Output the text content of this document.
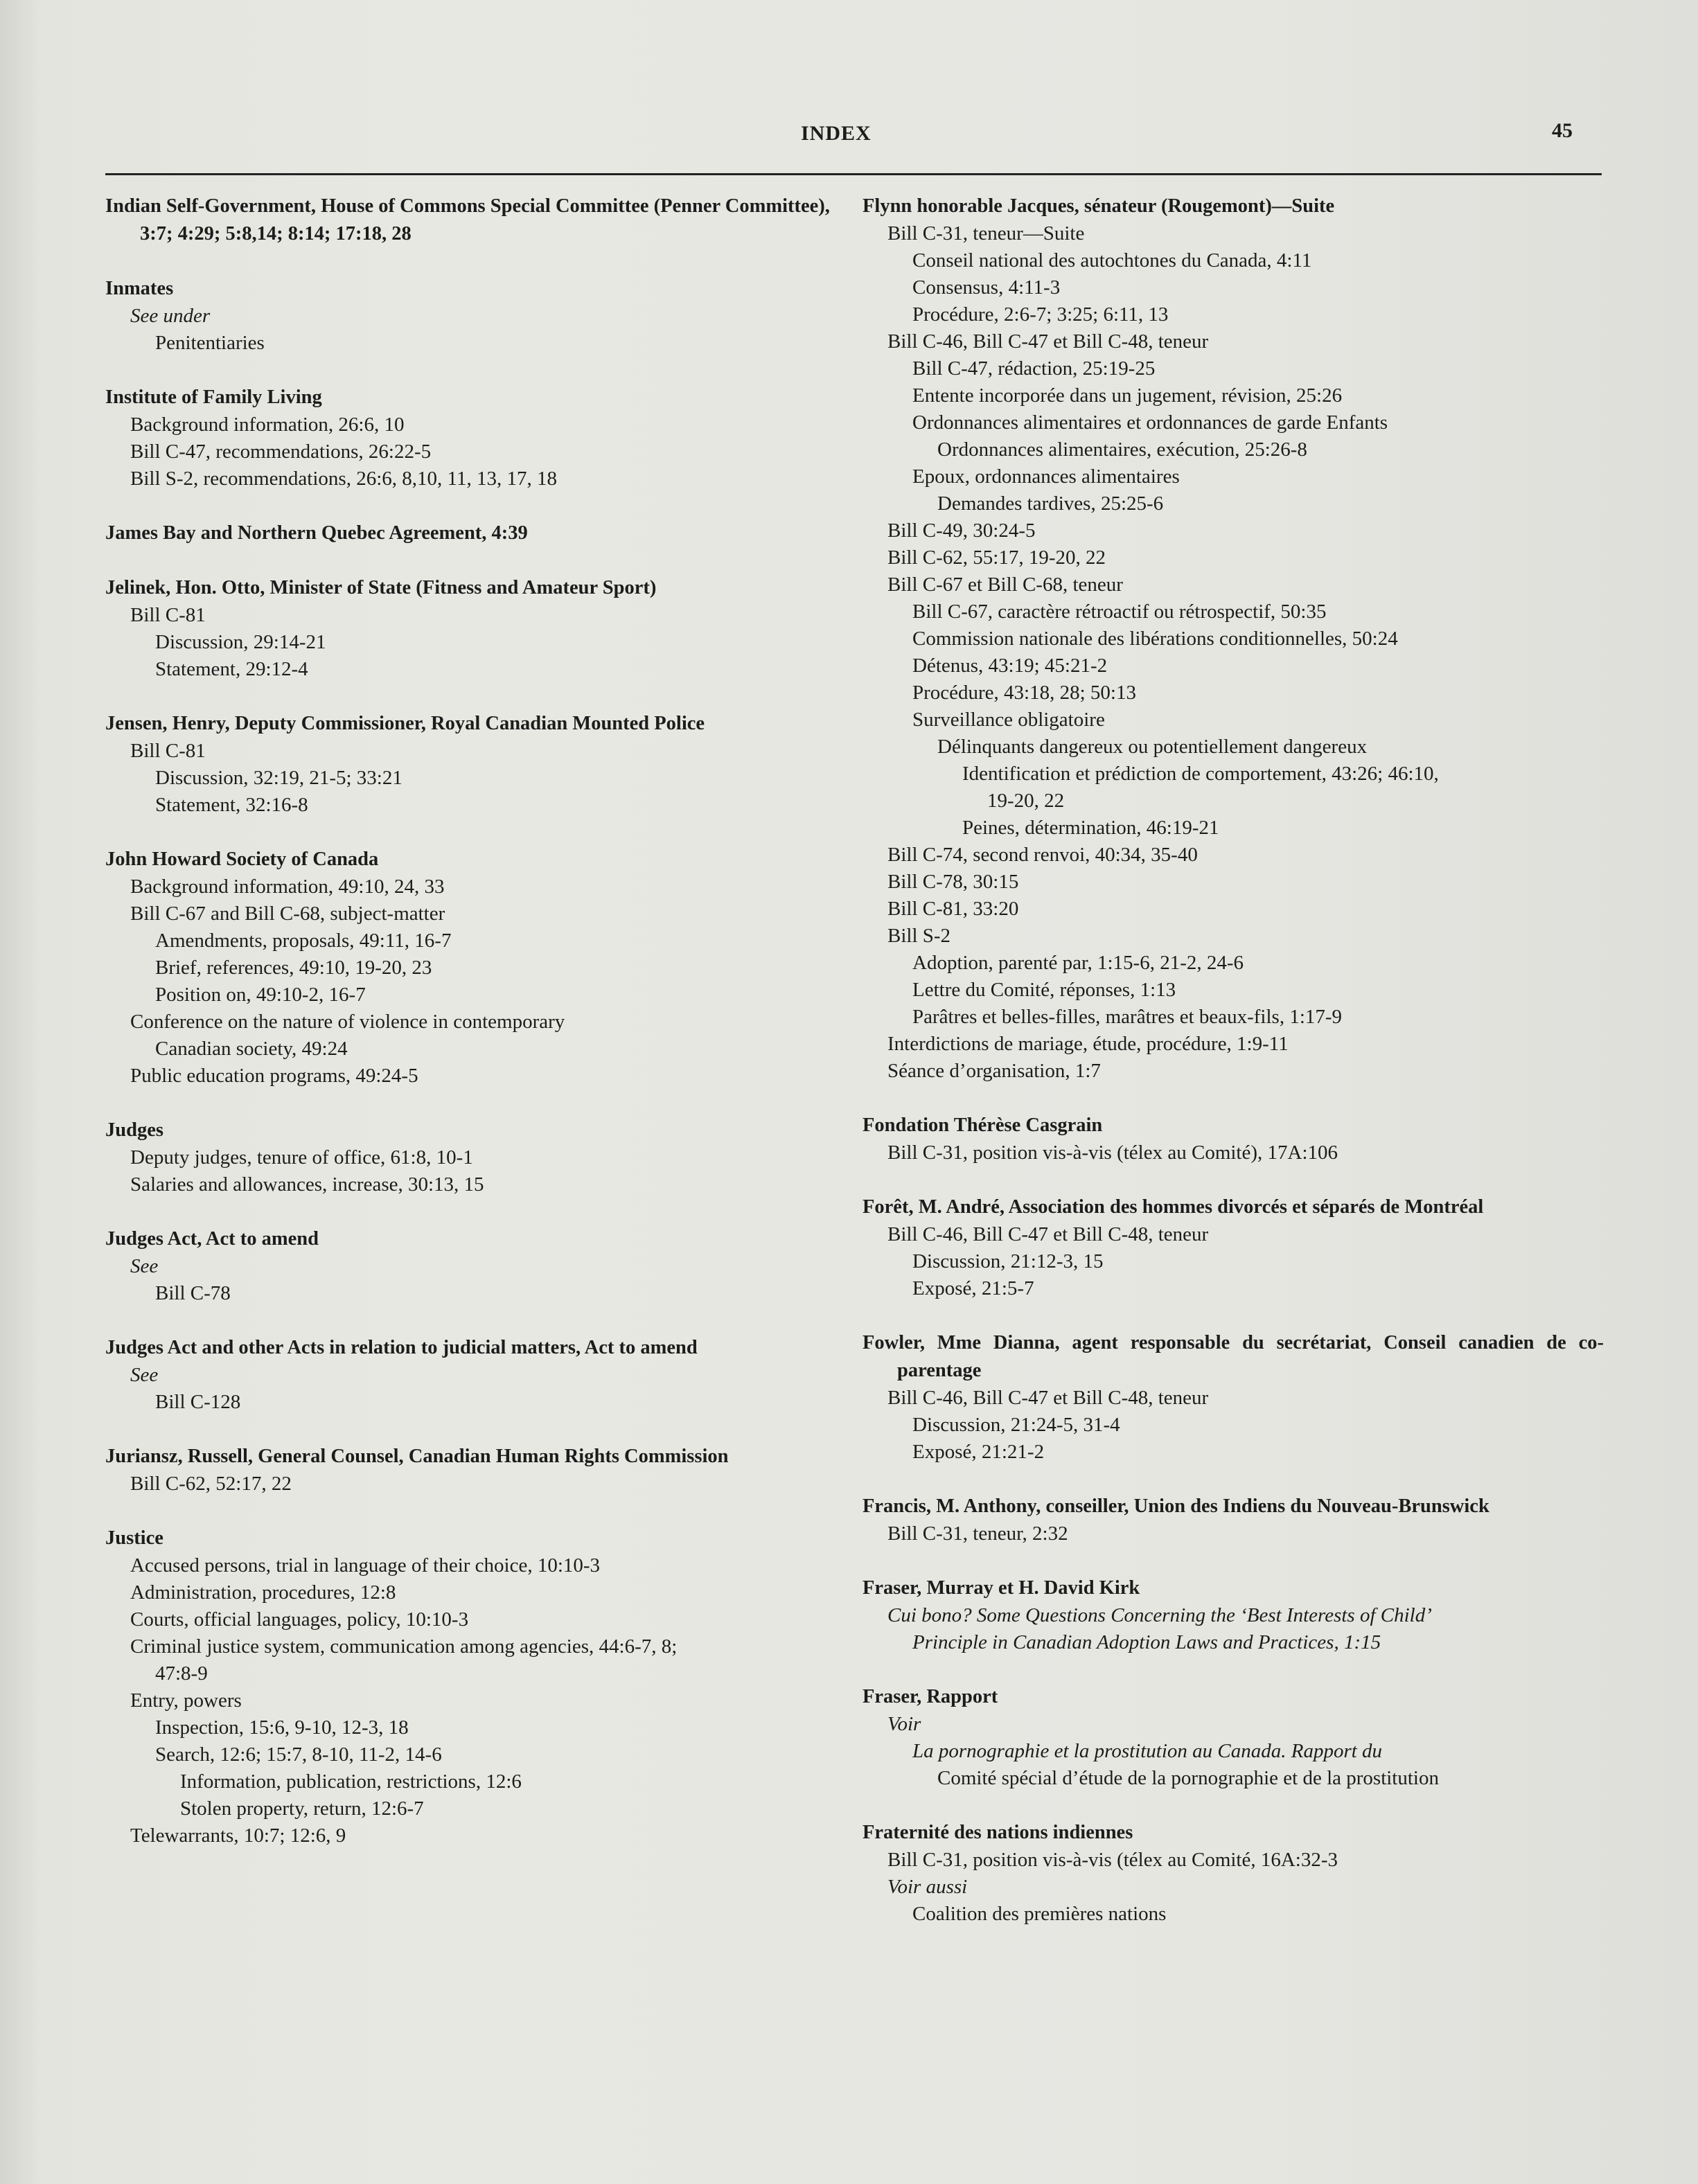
INDEX	45
Indian Self-Government, House of Commons Special Committee (Penner Committee), 3:7; 4:29; 5:8,14; 8:14; 17:18, 28
Inmates
See under
Penitentiaries
Institute of Family Living
Background information, 26:6, 10
Bill C-47, recommendations, 26:22-5
Bill S-2, recommendations, 26:6, 8,10, 11, 13, 17, 18
James Bay and Northern Quebec Agreement, 4:39
Jelinek, Hon. Otto, Minister of State (Fitness and Amateur Sport)
Bill C-81
Discussion, 29:14-21
Statement, 29:12-4
Jensen, Henry, Deputy Commissioner, Royal Canadian Mounted Police
Bill C-81
Discussion, 32:19, 21-5; 33:21
Statement, 32:16-8
John Howard Society of Canada
Background information, 49:10, 24, 33
Bill C-67 and Bill C-68, subject-matter
Amendments, proposals, 49:11, 16-7
Brief, references, 49:10, 19-20, 23
Position on, 49:10-2, 16-7
Conference on the nature of violence in contemporary
Canadian society, 49:24
Public education programs, 49:24-5
Judges
Deputy judges, tenure of office, 61:8, 10-1
Salaries and allowances, increase, 30:13, 15
Judges Act, Act to amend
See
Bill C-78
Judges Act and other Acts in relation to judicial matters, Act to amend
See
Bill C-128
Juriansz, Russell, General Counsel, Canadian Human Rights Commission
Bill C-62, 52:17, 22
Justice
Accused persons, trial in language of their choice, 10:10-3
Administration, procedures, 12:8
Courts, official languages, policy, 10:10-3
Criminal justice system, communication among agencies, 44:6-7, 8;
47:8-9
Entry, powers
Inspection, 15:6, 9-10, 12-3, 18
Search, 12:6; 15:7, 8-10, 11-2, 14-6
Information, publication, restrictions, 12:6
Stolen property, return, 12:6-7
Telewarrants, 10:7; 12:6, 9
Flynn honorable Jacques, sénateur (Rougemont)—Suite
Bill C-31, teneur—Suite
Conseil national des autochtones du Canada, 4:11
Consensus, 4:11-3
Procédure, 2:6-7; 3:25; 6:11, 13
Bill C-46, Bill C-47 et Bill C-48, teneur
Bill C-47, rédaction, 25:19-25
Entente incorporée dans un jugement, révision, 25:26
Ordonnances alimentaires et ordonnances de garde Enfants
Ordonnances alimentaires, exécution, 25:26-8
Epoux, ordonnances alimentaires
Demandes tardives, 25:25-6
Bill C-49, 30:24-5
Bill C-62, 55:17, 19-20, 22
Bill C-67 et Bill C-68, teneur
Bill C-67, caractère rétroactif ou rétrospectif, 50:35
Commission nationale des libérations conditionnelles, 50:24
Détenus, 43:19; 45:21-2
Procédure, 43:18, 28; 50:13
Surveillance obligatoire
Délinquants dangereux ou potentiellement dangereux
Identification et prédiction de comportement, 43:26; 46:10,
19-20, 22
Peines, détermination, 46:19-21
Bill C-74, second renvoi, 40:34, 35-40
Bill C-78, 30:15
Bill C-81, 33:20
Bill S-2
Adoption, parenté par, 1:15-6, 21-2, 24-6
Lettre du Comité, réponses, 1:13
Parâtres et belles-filles, marâtres et beaux-fils, 1:17-9
Interdictions de mariage, étude, procédure, 1:9-11
Séance d’organisation, 1:7
Fondation Thérèse Casgrain
Bill C-31, position vis-à-vis (télex au Comité), 17A:106
Forêt, M. André, Association des hommes divorcés et séparés de Montréal
Bill C-46, Bill C-47 et Bill C-48, teneur
Discussion, 21:12-3, 15
Exposé, 21:5-7
Fowler, Mme Dianna, agent responsable du secrétariat, Conseil canadien de co-parentage
Bill C-46, Bill C-47 et Bill C-48, teneur
Discussion, 21:24-5, 31-4
Exposé, 21:21-2
Francis, M. Anthony, conseiller, Union des Indiens du Nouveau-Brunswick
Bill C-31, teneur, 2:32
Fraser, Murray et H. David Kirk
Cui bono? Some Questions Concerning the ‘Best Interests of Child’
Principle in Canadian Adoption Laws and Practices, 1:15
Fraser, Rapport
Voir
La pornographie et la prostitution au Canada. Rapport du
Comité spécial d’étude de la pornographie et de la prostitution
Fraternité des nations indiennes
Bill C-31, position vis-à-vis (télex au Comité, 16A:32-3
Voir aussi
Coalition des premières nations
